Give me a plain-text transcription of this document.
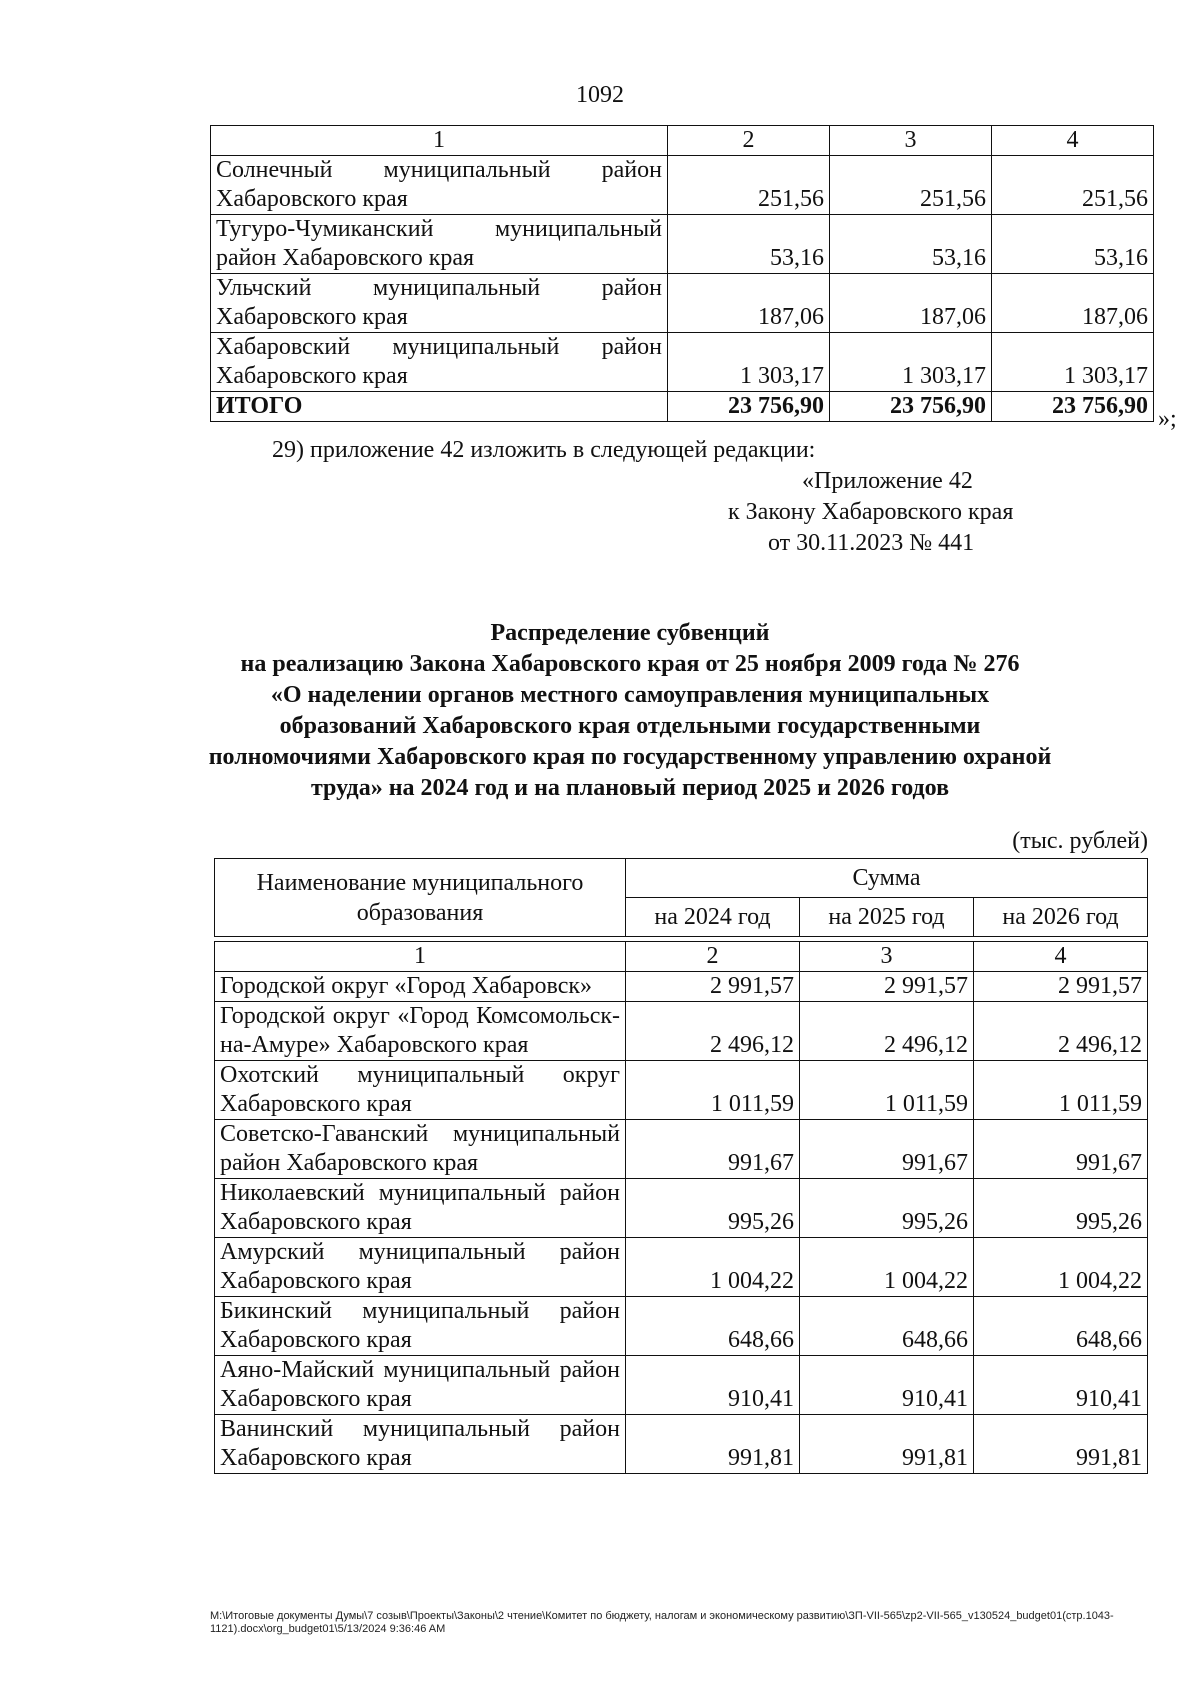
1092
1	2	3	4
Солнечный муниципальный район Хабаровского края	251,56	251,56	251,56
Тугуро-Чумиканский муниципальный район Хабаровского края	53,16	53,16	53,16
Ульчский муниципальный район Хабаровского края	187,06	187,06	187,06
Хабаровский муниципальный район Хабаровского края	1 303,17	1 303,17	1 303,17
ИТОГО	23 756,90	23 756,90	23 756,90 »;
29) приложение 42 изложить в следующей редакции:
«Приложение 42
к Закону Хабаровского края
от 30.11.2023 № 441
Распределение субвенций
на реализацию Закона Хабаровского края от 25 ноября 2009 года № 276
«О наделении органов местного самоуправления муниципальных
образований Хабаровского края отдельными государственными
полномочиями Хабаровского края по государственному управлению охраной
труда» на 2024 год и на плановый период 2025 и 2026 годов
(тыс. рублей)
Наименование муниципального образования	Сумма		
	на 2024 год	на 2025 год	на 2026 год

1	2	3	4
Городской округ «Город Хабаровск»	2 991,57	2 991,57	2 991,57
Городской округ «Город Комсомольск-на-Амуре» Хабаровского края	2 496,12	2 496,12	2 496,12
Охотский муниципальный округ Хабаровского края	1 011,59	1 011,59	1 011,59
Советско-Гаванский муниципальный район Хабаровского края	991,67	991,67	991,67
Николаевский муниципальный район Хабаровского края	995,26	995,26	995,26
Амурский муниципальный район Хабаровского края	1 004,22	1 004,22	1 004,22
Бикинский муниципальный район Хабаровского края	648,66	648,66	648,66
Аяно-Майский муниципальный район Хабаровского края	910,41	910,41	910,41
Ванинский муниципальный район Хабаровского края	991,81	991,81	991,81
М:\Итоговые документы Думы\7 созыв\Проекты\Законы\2 чтение\Комитет по бюджету, налогам и экономическому развитию\ЗП-VII-565\zp2-VII-565_v130524_budget01(стр.1043-1121).docx\org_budget01\5/13/2024 9:36:46 AM
